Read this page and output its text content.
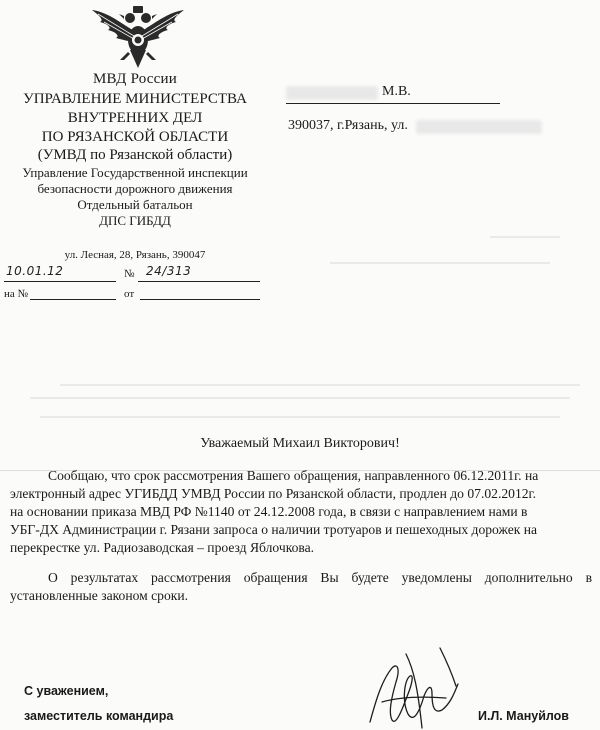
МВД России
УПРАВЛЕНИЕ МИНИСТЕРСТВА
ВНУТРЕННИХ ДЕЛ
ПО РЯЗАНСКОЙ ОБЛАСТИ
(УМВД по Рязанской области)
Управление Государственной инспекции
безопасности дорожного движения
Отдельный батальон
ДПС ГИБДД
ул. Лесная, 28, Рязань, 390047
10.01.12	№ 24/313
на №	от
М.В.
390037, г.Рязань, ул.
Уважаемый Михаил Викторович!
Сообщаю, что срок рассмотрения Вашего обращения, направленного 06.12.2011г. на
электронный адрес УГИБДД УМВД России по Рязанской области, продлен до 07.02.2012г.
на основании приказа МВД РФ №1140 от 24.12.2008 года, в связи с направлением нами в
УБГ-ДХ Администрации г. Рязани запроса о наличии тротуаров и пешеходных дорожек на
перекрестке ул. Радиозаводская – проезд Яблочкова.
О результатах рассмотрения обращения Вы будете уведомлены дополнительно в
установленные законом сроки.
С уважением,
заместитель командира	И.Л. Мануйлов
